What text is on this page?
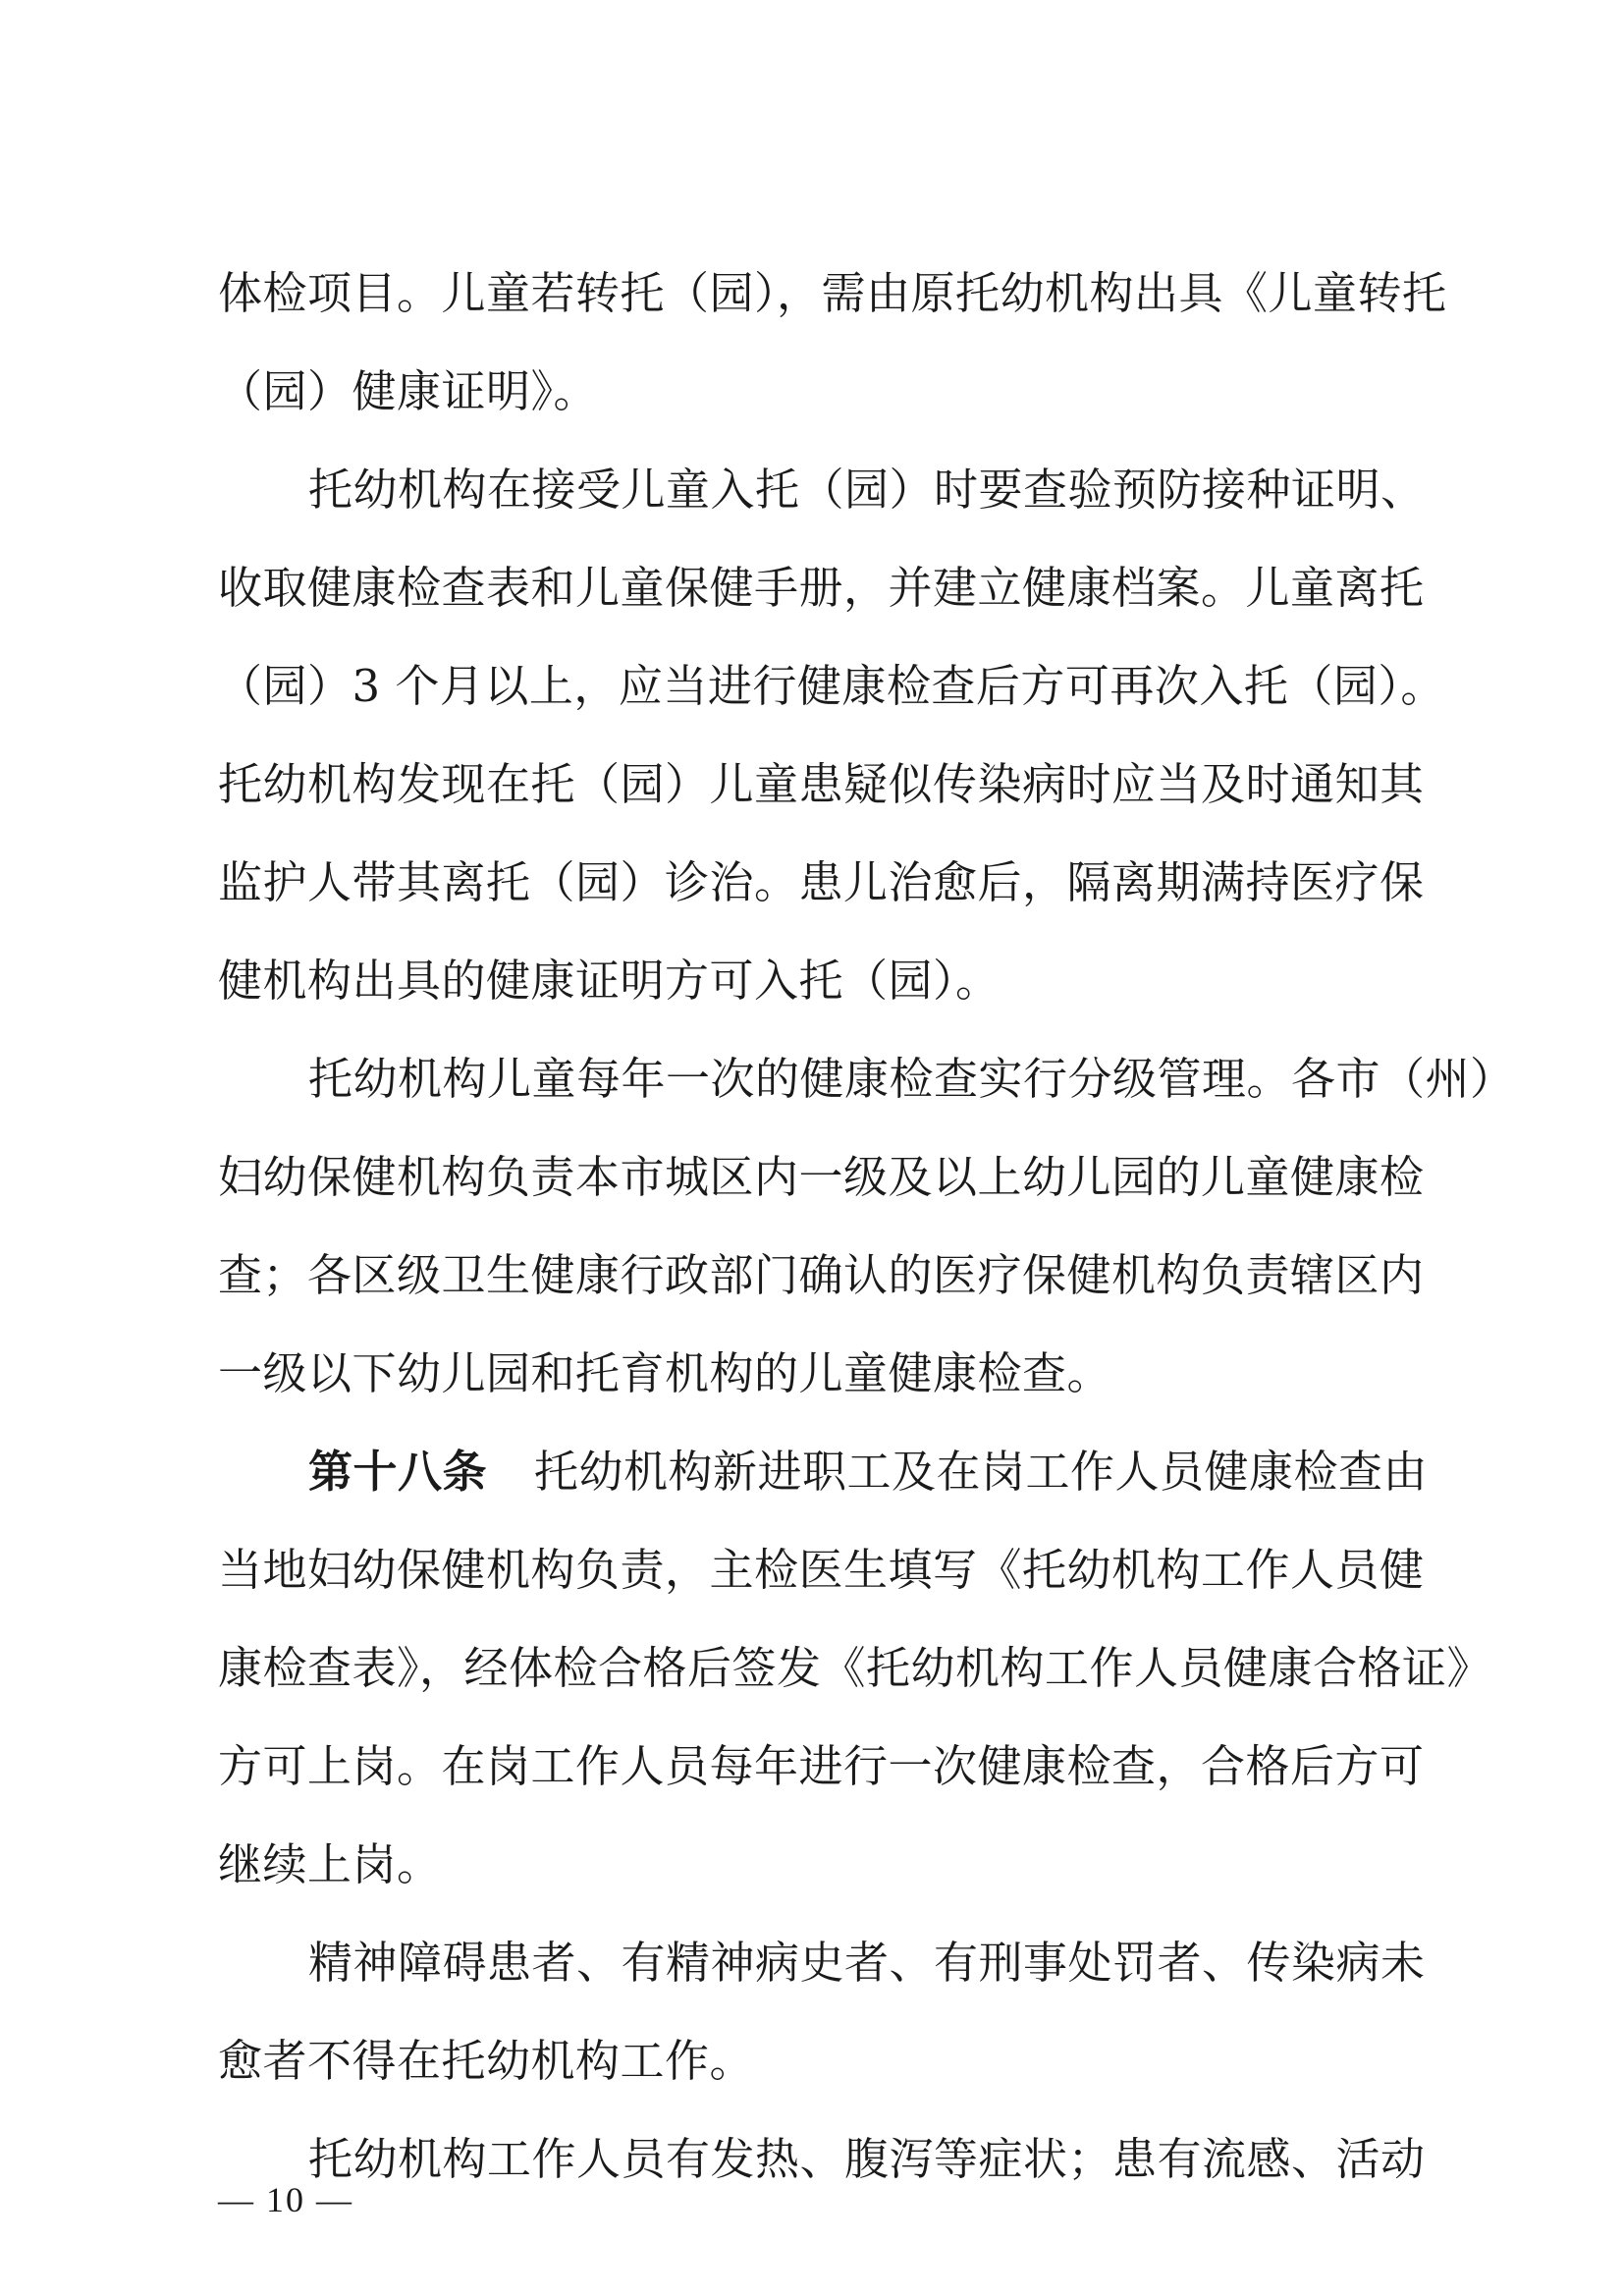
体检项目。儿童若转托（园），需由原托幼机构出具《儿童转托
（园）健康证明》。
托幼机构在接受儿童入托（园）时要查验预防接种证明、
收取健康检查表和儿童保健手册，并建立健康档案。儿童离托
（园）3 个月以上，应当进行健康检查后方可再次入托（园）。
托幼机构发现在托（园）儿童患疑似传染病时应当及时通知其
监护人带其离托（园）诊治。患儿治愈后，隔离期满持医疗保
健机构出具的健康证明方可入托（园）。
托幼机构儿童每年一次的健康检查实行分级管理。各市（州）
妇幼保健机构负责本市城区内一级及以上幼儿园的儿童健康检
查；各区级卫生健康行政部门确认的医疗保健机构负责辖区内
一级以下幼儿园和托育机构的儿童健康检查。
第十八条 托幼机构新进职工及在岗工作人员健康检查由
当地妇幼保健机构负责，主检医生填写《托幼机构工作人员健
康检查表》，经体检合格后签发《托幼机构工作人员健康合格证》
方可上岗。在岗工作人员每年进行一次健康检查，合格后方可
继续上岗。
精神障碍患者、有精神病史者、有刑事处罚者、传染病未
愈者不得在托幼机构工作。
托幼机构工作人员有发热、腹泻等症状；患有流感、活动
— 10 —
